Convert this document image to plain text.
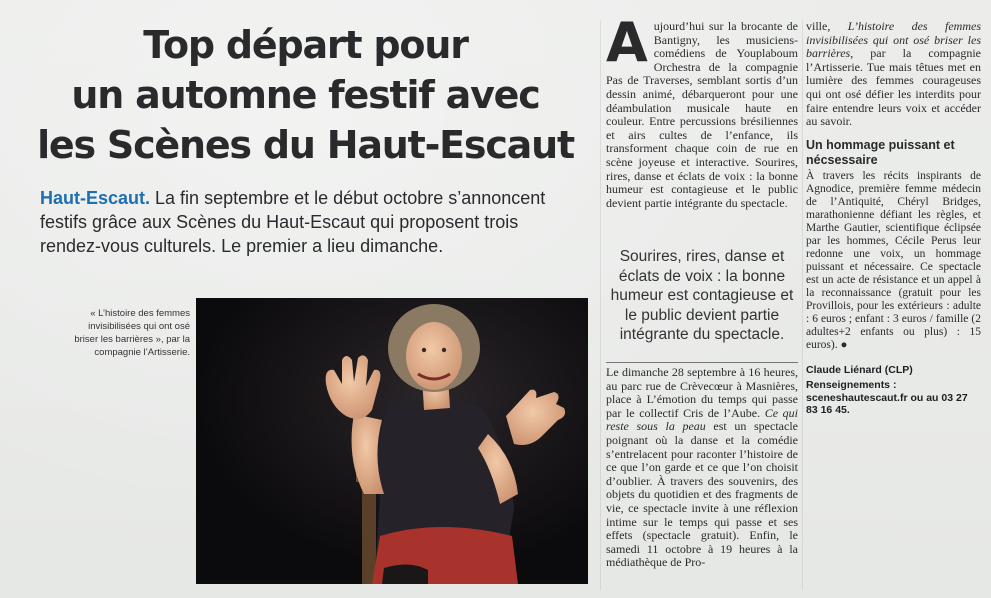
Top départ pour
un automne festif avec
les Scènes du Haut-Escaut

Haut-Escaut. La fin septembre et le début octobre s’annoncent festifs grâce aux Scènes du Haut-Escaut qui proposent trois rendez-vous culturels. Le premier a lieu dimanche.

« L’histoire des femmes invisibilisées qui ont osé briser les barrières », par la compagnie l’Artisserie.

Aujourd’hui sur la brocante de Bantigny, les musiciens-comédiens de Youplaboum Orchestra de la compagnie Pas de Traverses, semblant sortis d’un dessin animé, débarqueront pour une déambulation musicale haute en couleur. Entre percussions brésiliennes et airs cultes de l’enfance, ils transforment chaque coin de rue en scène joyeuse et interactive. Sourires, rires, danse et éclats de voix : la bonne humeur est contagieuse et le public devient partie intégrante du spectacle.

Sourires, rires, danse et éclats de voix : la bonne humeur est contagieuse et le public devient partie intégrante du spectacle.

Le dimanche 28 septembre à 16 heures, au parc rue de Crèvecœur à Masnières, place à L’émotion du temps qui passe par le collectif Cris de l’Aube. Ce qui reste sous la peau est un spectacle poignant où la danse et la comédie s’entrelacent pour raconter l’histoire de ce que l’on garde et ce que l’on choisit d’oublier. À travers des souvenirs, des objets du quotidien et des fragments de vie, ce spectacle invite à une réflexion intime sur le temps qui passe et ses effets (spectacle gratuit). Enfin, le samedi 11 octobre à 19 heures à la médiathèque de Pro-

ville, L’histoire des femmes invisibilisées qui ont osé briser les barrières, par la compagnie l’Artisserie. Tue mais têtues met en lumière des femmes courageuses qui ont osé défier les interdits pour faire entendre leurs voix et accéder au savoir.

Un hommage puissant et nécsessaire

À travers les récits inspirants de Agnodice, première femme médecin de l’Antiquité, Chéryl Bridges, marathonienne défiant les règles, et Marthe Gautier, scientifique éclipsée par les hommes, Cécile Perus leur redonne une voix, un hommage puissant et nécessaire. Ce spectacle est un acte de résistance et un appel à la reconnaissance (gratuit pour les Provillois, pour les extérieurs : adulte : 6 euros ; enfant : 3 euros / famille (2 adultes+2 enfants ou plus) : 15 euros). ●

Claude Liénard (CLP)

Renseignements :
sceneshautescaut.fr ou au 03 27 83 16 45.
